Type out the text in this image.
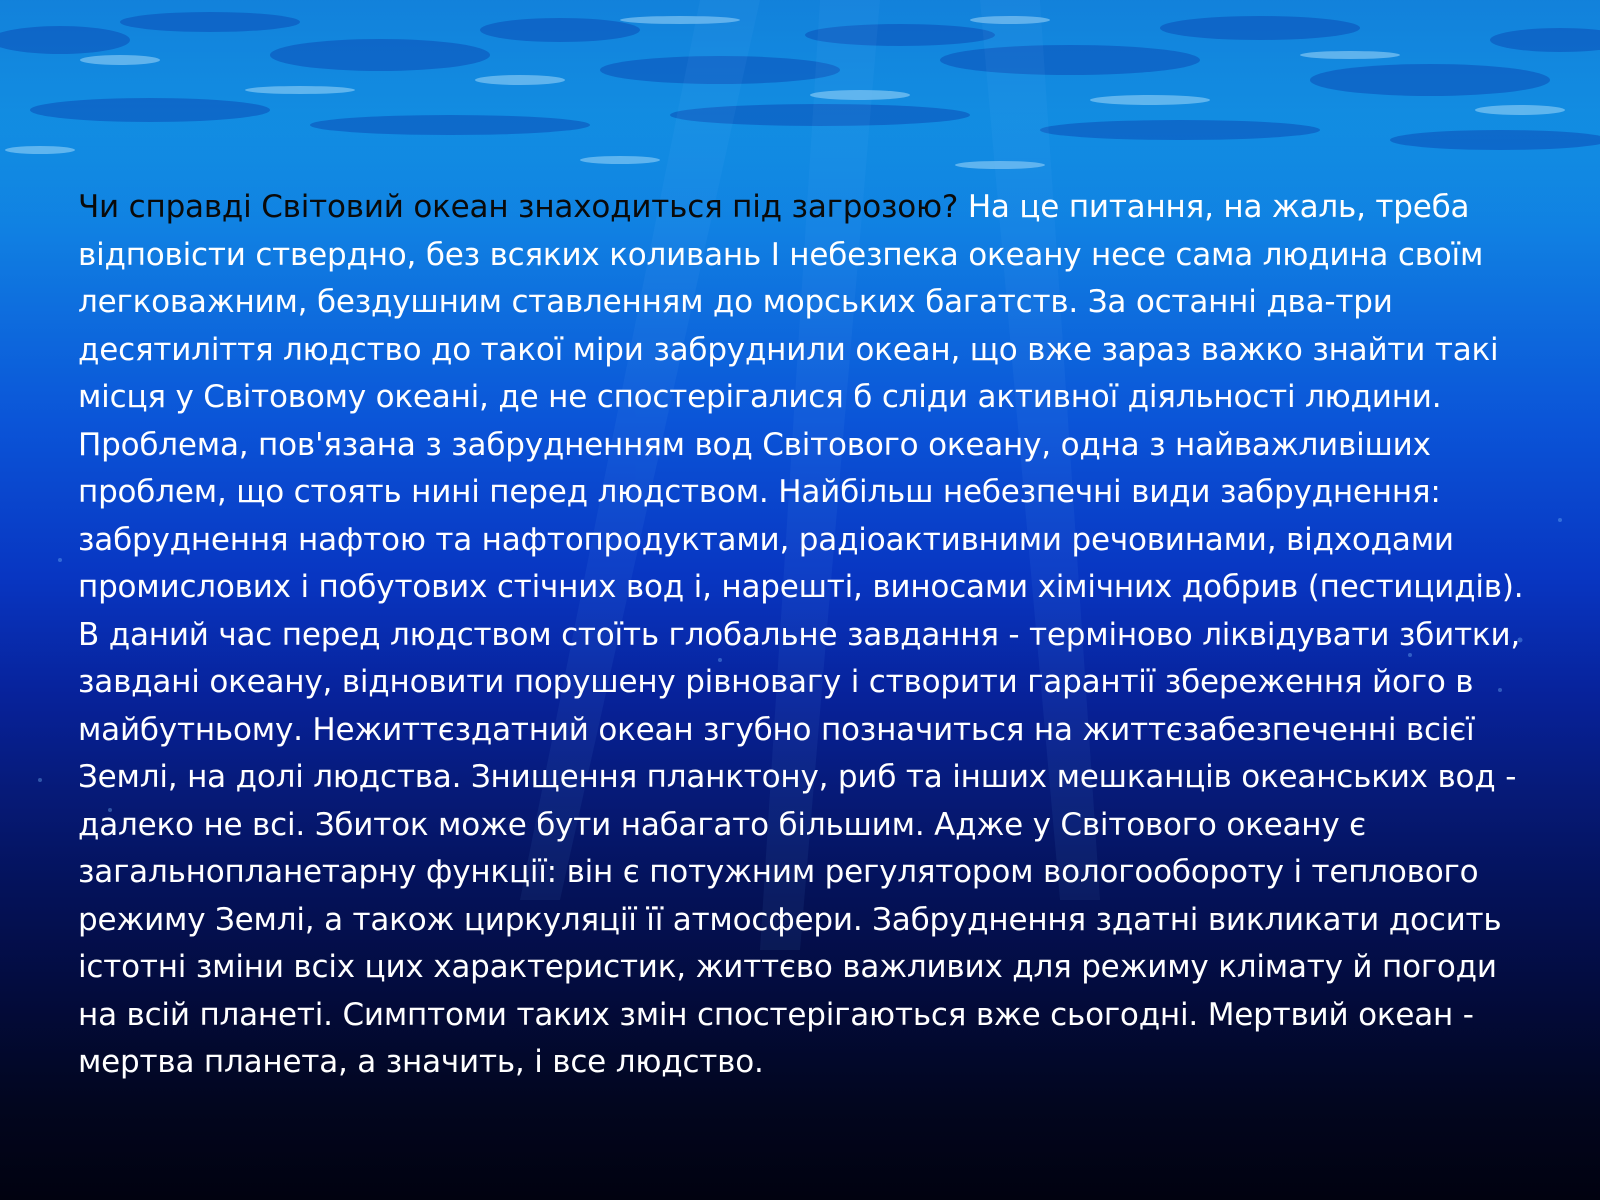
Чи справді Світовий океан знаходиться під загрозою? На це питання, на жаль, треба відповісти ствердно, без всяких коливань І небезпека океану несе сама людина своїм легковажним, бездушним ставленням до морських багатств. За останні два-три десятиліття людство до такої міри забруднили океан, що вже зараз важко знайти такі місця у Світовому океані, де не спостерігалися б сліди активної діяльності людини. Проблема, пов'язана з забрудненням вод Світового океану, одна з найважливіших проблем, що стоять нині перед людством. Найбільш небезпечні види забруднення: забруднення нафтою та нафтопродуктами, радіоактивними речовинами, відходами промислових і побутових стічних вод і, нарешті, виносами хімічних добрив (пестицидів).

В даний час перед людством стоїть глобальне завдання - терміново ліквідувати збитки, завдані океану, відновити порушену рівновагу і створити гарантії збереження його в майбутньому. Нежиттєздатний океан згубно позначиться на життєзабезпеченні всієї Землі, на долі людства. Знищення планктону, риб та інших мешканців океанських вод - далеко не всі. Збиток може бути набагато більшим. Адже у Світового океану є загальнопланетарну функції: він є потужним регулятором вологообороту і теплового режиму Землі, а також циркуляції її атмосфери. Забруднення здатні викликати досить істотні зміни всіх цих характеристик, життєво важливих для режиму клімату й погоди на всій планеті. Симптоми таких змін спостерігаються вже сьогодні. Мертвий океан - мертва планета, а значить, і все людство.
